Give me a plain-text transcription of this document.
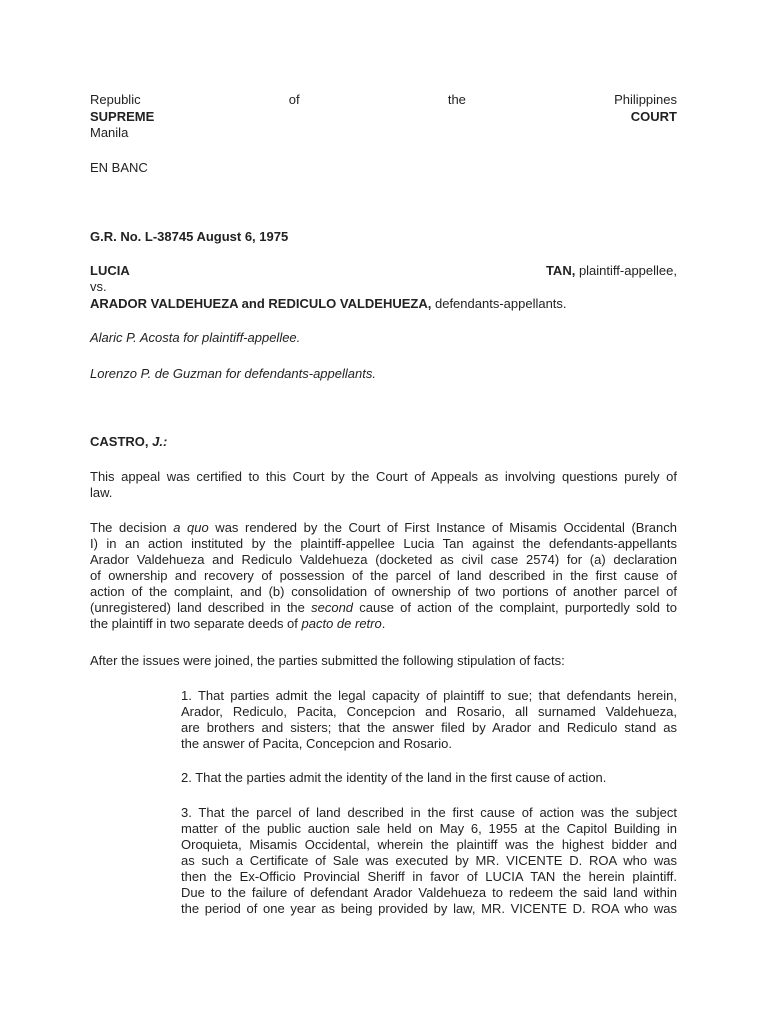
Republic	of	the	Philippines
SUPREME	COURT
Manila
EN BANC
G.R. No. L-38745 August 6, 1975
LUCIA	TAN, plaintiff-appellee,
vs.
ARADOR VALDEHUEZA and REDICULO VALDEHUEZA, defendants-appellants.
Alaric P. Acosta for plaintiff-appellee.
Lorenzo P. de Guzman for defendants-appellants.
CASTRO, J.:
This appeal was certified to this Court by the Court of Appeals as involving questions purely of
law.
The decision a quo was rendered by the Court of First Instance of Misamis Occidental (Branch
I) in an action instituted by the plaintiff-appellee Lucia Tan against the defendants-appellants
Arador Valdehueza and Rediculo Valdehueza (docketed as civil case 2574) for (a) declaration
of ownership and recovery of possession of the parcel of land described in the first cause of
action of the complaint, and (b) consolidation of ownership of two portions of another parcel of
(unregistered) land described in the second cause of action of the complaint, purportedly sold to
the plaintiff in two separate deeds of pacto de retro.
After the issues were joined, the parties submitted the following stipulation of facts:
1. That parties admit the legal capacity of plaintiff to sue; that defendants herein,
Arador, Rediculo, Pacita, Concepcion and Rosario, all surnamed Valdehueza,
are brothers and sisters; that the answer filed by Arador and Rediculo stand as
the answer of Pacita, Concepcion and Rosario.
2. That the parties admit the identity of the land in the first cause of action.
3. That the parcel of land described in the first cause of action was the subject
matter of the public auction sale held on May 6, 1955 at the Capitol Building in
Oroquieta, Misamis Occidental, wherein the plaintiff was the highest bidder and
as such a Certificate of Sale was executed by MR. VICENTE D. ROA who was
then the Ex-Officio Provincial Sheriff in favor of LUCIA TAN the herein plaintiff.
Due to the failure of defendant Arador Valdehueza to redeem the said land within
the period of one year as being provided by law, MR. VICENTE D. ROA who was
